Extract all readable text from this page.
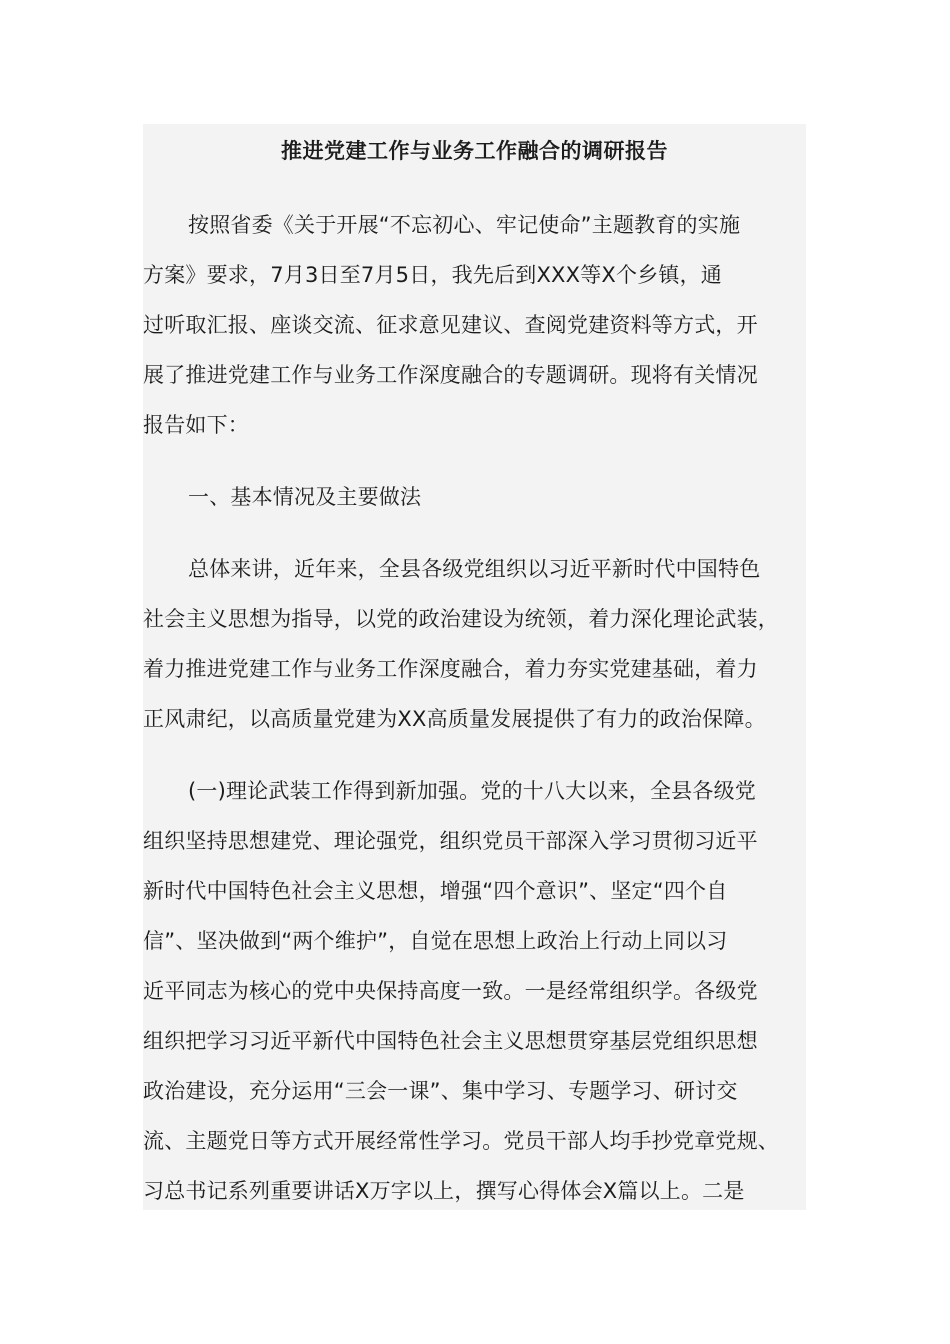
推进党建工作与业务工作融合的调研报告
按照省委《关于开展“不忘初心、牢记使命”主题教育的实施
方案》要求，7月3日至7月5日，我先后到XXX等X个乡镇，通
过听取汇报、座谈交流、征求意见建议、查阅党建资料等方式，开
展了推进党建工作与业务工作深度融合的专题调研。现将有关情况
报告如下：
一、基本情况及主要做法
总体来讲，近年来，全县各级党组织以习近平新时代中国特色
社会主义思想为指导，以党的政治建设为统领，着力深化理论武装，
着力推进党建工作与业务工作深度融合，着力夯实党建基础，着力
正风肃纪，以高质量党建为XX高质量发展提供了有力的政治保障。
(一)理论武装工作得到新加强。党的十八大以来，全县各级党
组织坚持思想建党、理论强党，组织党员干部深入学习贯彻习近平
新时代中国特色社会主义思想，增强“四个意识”、坚定“四个自
信”、坚决做到“两个维护”，自觉在思想上政治上行动上同以习
近平同志为核心的党中央保持高度一致。一是经常组织学。各级党
组织把学习习近平新代中国特色社会主义思想贯穿基层党组织思想
政治建设，充分运用“三会一课”、集中学习、专题学习、研讨交
流、主题党日等方式开展经常性学习。党员干部人均手抄党章党规、
习总书记系列重要讲话X万字以上，撰写心得体会X篇以上。二是
